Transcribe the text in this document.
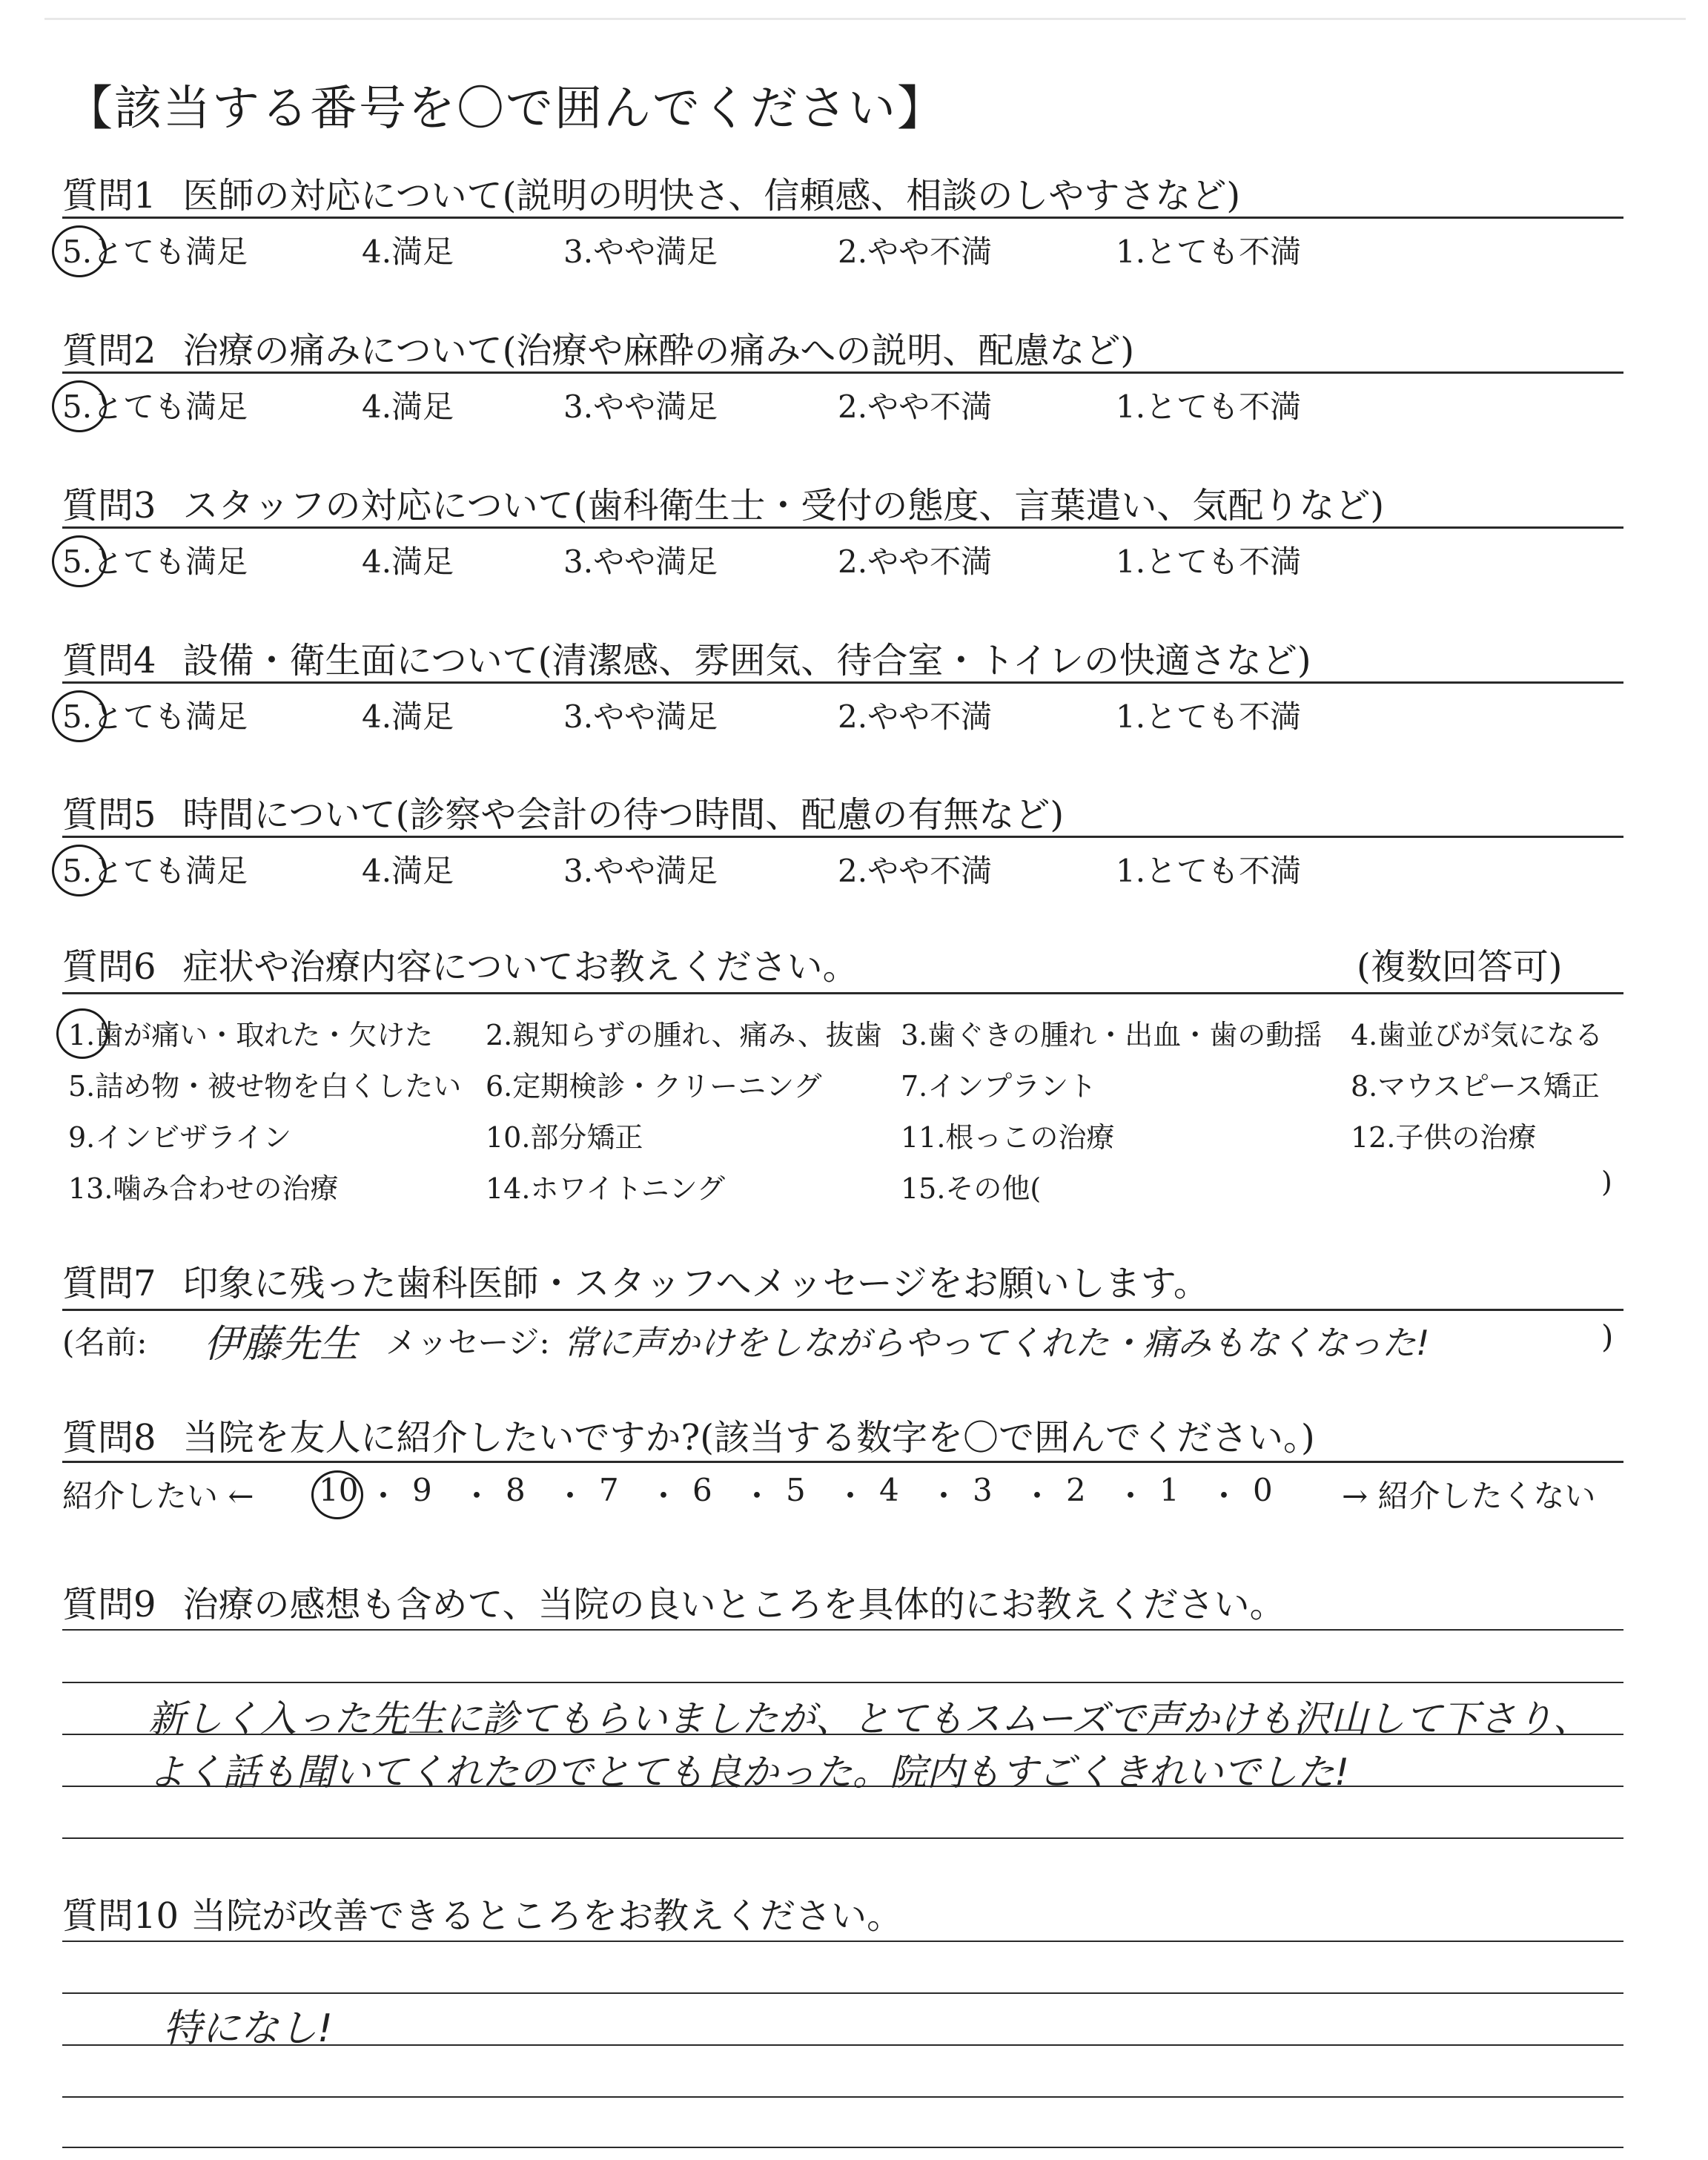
【該当する番号を〇で囲んでください】
質問1 医師の対応について(説明の明快さ、信頼感、相談のしやすさなど)
5.とても満足	4.満足	3.やや満足	2.やや不満	1.とても不満
質問2 治療の痛みについて(治療や麻酔の痛みへの説明、配慮など)
5.とても満足	4.満足	3.やや満足	2.やや不満	1.とても不満
質問3 スタッフの対応について(歯科衛生士・受付の態度、言葉遣い、気配りなど)
5.とても満足	4.満足	3.やや満足	2.やや不満	1.とても不満
質問4 設備・衛生面について(清潔感、雰囲気、待合室・トイレの快適さなど)
5.とても満足	4.満足	3.やや満足	2.やや不満	1.とても不満
質問5 時間について(診察や会計の待つ時間、配慮の有無など)
5.とても満足	4.満足	3.やや満足	2.やや不満	1.とても不満
質問6 症状や治療内容についてお教えください。	(複数回答可)
1.歯が痛い・取れた・欠けた 2.親知らずの腫れ、痛み、抜歯 3.歯ぐきの腫れ・出血・歯の動揺 4.歯並びが気になる
5.詰め物・被せ物を白くしたい 6.定期検診・クリーニング	7.インプラント	8.マウスピース矯正
9.インビザライン	10.部分矯正	11.根っこの治療	12.子供の治療
13.噛み合わせの治療	14.ホワイトニング	15.その他(	)
質問7 印象に残った歯科医師・スタッフへメッセージをお願いします。
(名前: 伊藤先生 メッセージ: 常に声かけをしながらやってくれた・痛みもなくなった!	)
質問8 当院を友人に紹介したいですか?(該当する数字を〇で囲んでください。)
紹介したい ← 10 ・ 9 ・ 8 ・ 7 ・ 6 ・ 5 ・ 4 ・ 3 ・ 2 ・ 1 ・ 0 → 紹介したくない
質問9 治療の感想も含めて、当院の良いところを具体的にお教えください。
新しく入った先生に診てもらいましたが、とてもスムーズで声かけも沢山して下さり、
よく話も聞いてくれたのでとても良かった。院内もすごくきれいでした!
質問10 当院が改善できるところをお教えください。
特になし!
